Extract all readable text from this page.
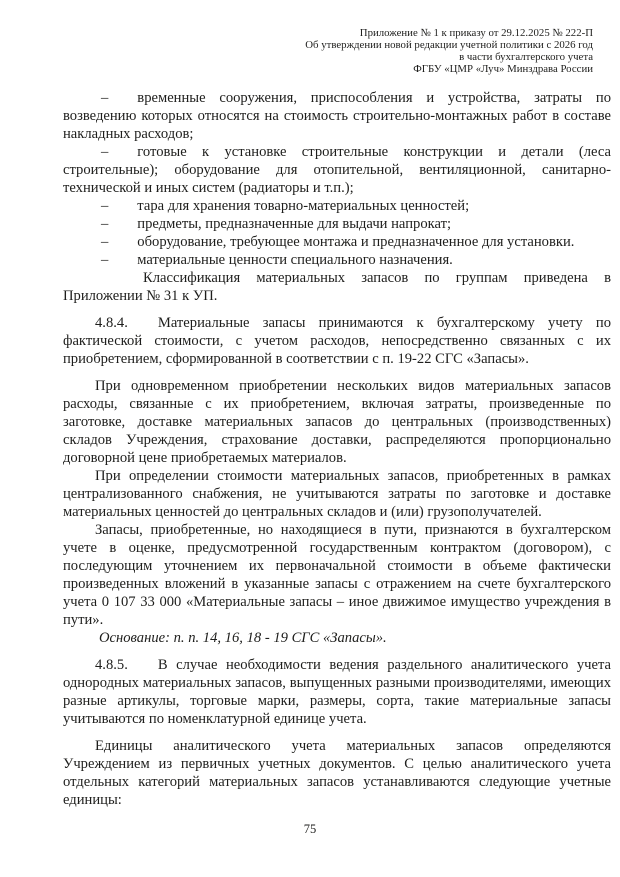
Приложение № 1 к приказу от 29.12.2025 № 222-П
Об утверждении новой редакции учетной политики с 2026 год
в части бухгалтерского учета
ФГБУ «ЦМР «Луч» Минздрава России

– временные сооружения, приспособления и устройства, затраты по возведению которых относятся на стоимость строительно-монтажных работ в составе накладных расходов;

– готовые к установке строительные конструкции и детали (леса строительные); оборудование для отопительной, вентиляционной, санитарно-технической и иных систем (радиаторы и т.п.);

– тара для хранения товарно-материальных ценностей;

– предметы, предназначенные для выдачи напрокат;

– оборудование, требующее монтажа и предназначенное для установки.

– материальные ценности специального назначения.

Классификация материальных запасов по группам приведена в Приложении № 31 к УП.

4.8.4. Материальные запасы принимаются к бухгалтерскому учету по фактической стоимости, с учетом расходов, непосредственно связанных с их приобретением, сформированной в соответствии с п. 19-22 СГС «Запасы».

При одновременном приобретении нескольких видов материальных запасов расходы, связанные с их приобретением, включая затраты, произведенные по заготовке, доставке материальных запасов до центральных (производственных) складов Учреждения, страхование доставки, распределяются пропорционально договорной цене приобретаемых материалов.

При определении стоимости материальных запасов, приобретенных в рамках централизованного снабжения, не учитываются затраты по заготовке и доставке материальных ценностей до центральных складов и (или) грузополучателей.

Запасы, приобретенные, но находящиеся в пути, признаются в бухгалтерском учете в оценке, предусмотренной государственным контрактом (договором), с последующим уточнением их первоначальной стоимости в объеме фактически произведенных вложений в указанные запасы с отражением на счете бухгалтерского учета 0 107 33 000 «Материальные запасы – иное движимое имущество учреждения в пути».

Основание: п. п. 14, 16, 18 - 19 СГС «Запасы».

4.8.5. В случае необходимости ведения раздельного аналитического учета однородных материальных запасов, выпущенных разными производителями, имеющих разные артикулы, торговые марки, размеры, сорта, такие материальные запасы учитываются по номенклатурной единице учета.

Единицы аналитического учета материальных запасов определяются Учреждением из первичных учетных документов. С целью аналитического учета отдельных категорий материальных запасов устанавливаются следующие учетные единицы:

75
